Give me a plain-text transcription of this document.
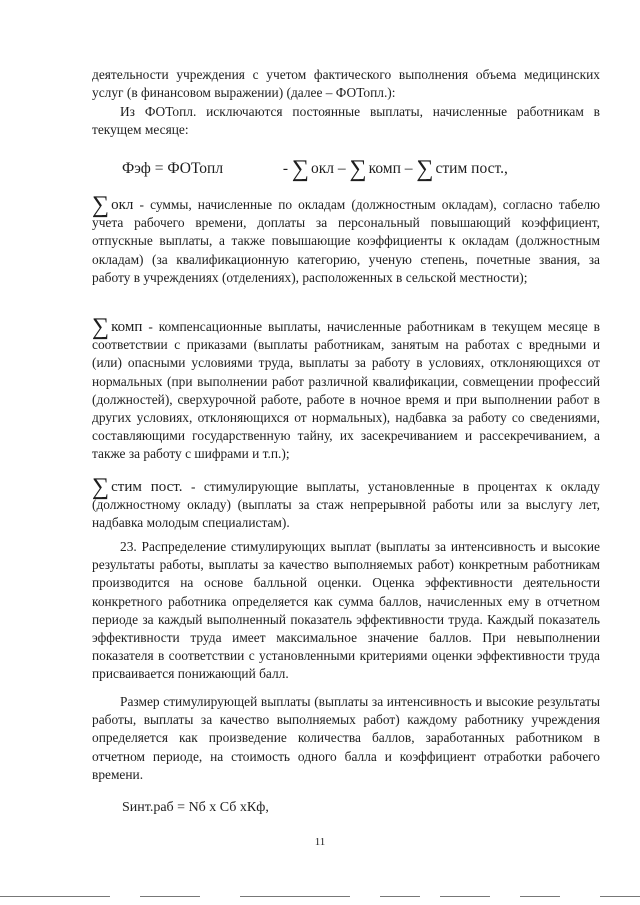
деятельности учреждения с учетом фактического выполнения объема медицинских услуг (в финансовом выражении) (далее – ФОТопл.):

Из ФОТопл. исключаются постоянные выплаты, начисленные работникам в текущем месяце:

Фэф = ФОТопл	- ∑ окл – ∑ комп – ∑ стим пост.,

∑ окл - суммы, начисленные по окладам (должностным окладам), согласно табелю учета рабочего времени, доплаты за персональный повышающий коэффициент, отпускные выплаты, а также повышающие коэффициенты к окладам (должностным окладам) (за квалификационную категорию, ученую степень, почетные звания, за работу в учреждениях (отделениях), расположенных в сельской местности);

∑ комп - компенсационные выплаты, начисленные работникам в текущем месяце в соответствии с приказами (выплаты работникам, занятым на работах с вредными и (или) опасными условиями труда, выплаты за работу в условиях, отклоняющихся от нормальных (при выполнении работ различной квалификации, совмещении профессий (должностей), сверхурочной работе, работе в ночное время и при выполнении работ в других условиях, отклоняющихся от нормальных), надбавка за работу со сведениями, составляющими государственную тайну, их засекречиванием и рассекречиванием, а также за работу с шифрами и т.п.);

∑ стим пост. - стимулирующие выплаты, установленные в процентах к окладу (должностному окладу) (выплаты за стаж непрерывной работы или за выслугу лет, надбавка молодым специалистам).

23. Распределение стимулирующих выплат (выплаты за интенсивность и высокие результаты работы, выплаты за качество выполняемых работ) конкретным работникам производится на основе балльной оценки. Оценка эффективности деятельности конкретного работника определяется как сумма баллов, начисленных ему в отчетном периоде за каждый выполненный показатель эффективности труда. Каждый показатель эффективности труда имеет максимальное значение баллов. При невыполнении показателя в соответствии с установленными критериями оценки эффективности труда присваивается понижающий балл.

Размер стимулирующей выплаты (выплаты за интенсивность и высокие результаты работы, выплаты за качество выполняемых работ) каждому работнику учреждения определяется как произведение количества баллов, заработанных работником в отчетном периоде, на стоимость одного балла и коэффициент отработки рабочего времени.

Sинт.раб = Nб x Сб xКф,
11
